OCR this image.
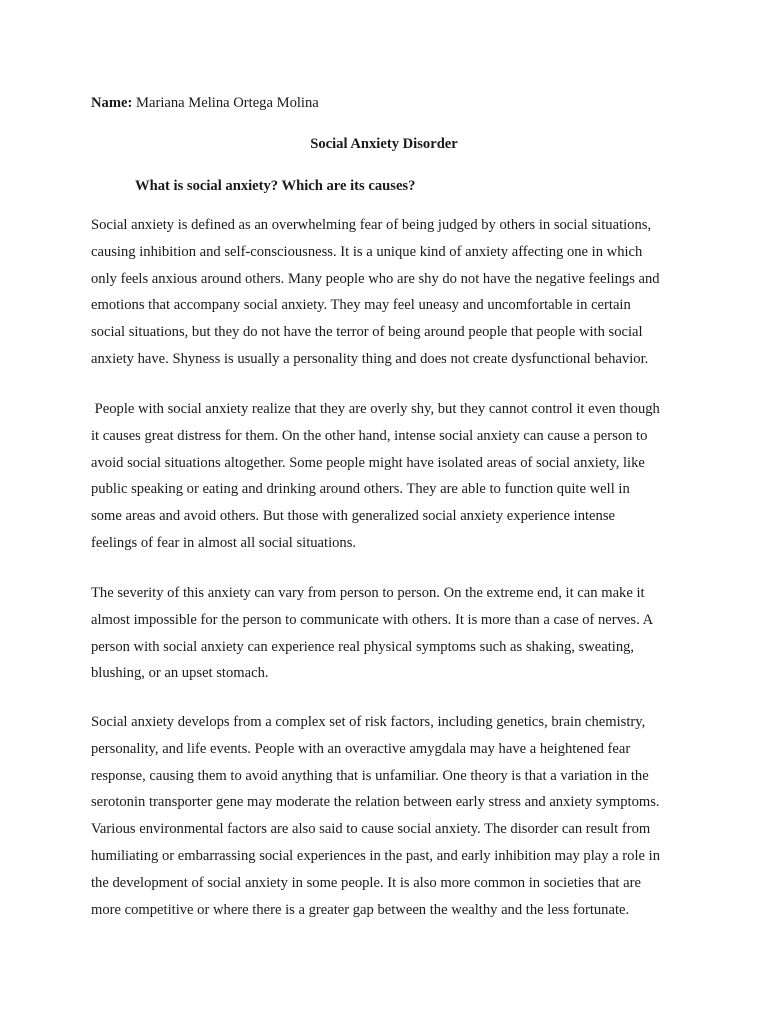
Name: Mariana Melina Ortega Molina
Social Anxiety Disorder
What is social anxiety? Which are its causes?

Social anxiety is defined as an overwhelming fear of being judged by others in social situations,
causing inhibition and self-consciousness. It is a unique kind of anxiety affecting one in which
only feels anxious around others. Many people who are shy do not have the negative feelings and
emotions that accompany social anxiety. They may feel uneasy and uncomfortable in certain
social situations, but they do not have the terror of being around people that people with social
anxiety have. Shyness is usually a personality thing and does not create dysfunctional behavior.

People with social anxiety realize that they are overly shy, but they cannot control it even though
it causes great distress for them. On the other hand, intense social anxiety can cause a person to
avoid social situations altogether. Some people might have isolated areas of social anxiety, like
public speaking or eating and drinking around others. They are able to function quite well in
some areas and avoid others. But those with generalized social anxiety experience intense
feelings of fear in almost all social situations.

The severity of this anxiety can vary from person to person. On the extreme end, it can make it
almost impossible for the person to communicate with others. It is more than a case of nerves. A
person with social anxiety can experience real physical symptoms such as shaking, sweating,
blushing, or an upset stomach.

Social anxiety develops from a complex set of risk factors, including genetics, brain chemistry,
personality, and life events. People with an overactive amygdala may have a heightened fear
response, causing them to avoid anything that is unfamiliar. One theory is that a variation in the
serotonin transporter gene may moderate the relation between early stress and anxiety symptoms.
Various environmental factors are also said to cause social anxiety. The disorder can result from
humiliating or embarrassing social experiences in the past, and early inhibition may play a role in
the development of social anxiety in some people. It is also more common in societies that are
more competitive or where there is a greater gap between the wealthy and the less fortunate.
